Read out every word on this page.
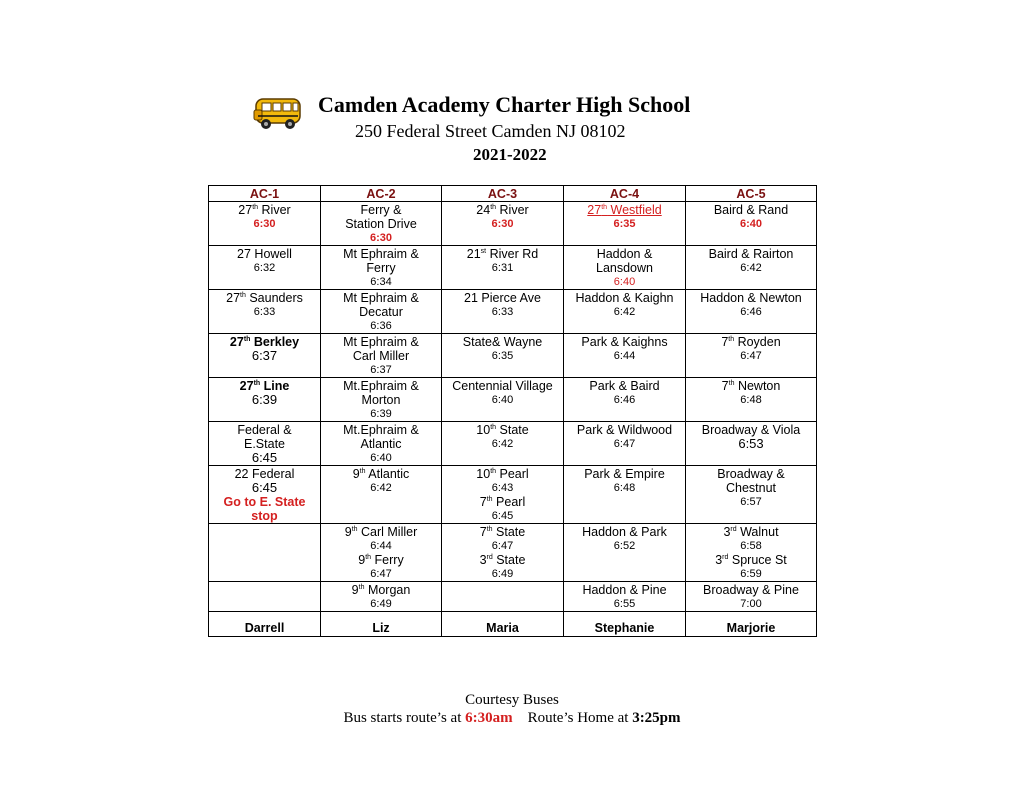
Camden Academy Charter High School
250 Federal Street Camden NJ 08102
2021-2022
AC-1	AC-2	AC-3	AC-4	AC-5

27th River
6:30	Ferry &
Station Drive
6:30	24th River
6:30	27th Westfield
6:35	Baird & Rand
6:40

27 Howell
6:32	Mt Ephraim &
Ferry
6:34	21st River Rd
6:31	Haddon &
Lansdown
6:40	Baird & Rairton
6:42

27th Saunders
6:33	Mt Ephraim &
Decatur
6:36	21 Pierce Ave
6:33	Haddon & Kaighn
6:42	Haddon & Newton
6:46

27th Berkley
6:37	Mt Ephraim &
Carl Miller
6:37	State& Wayne
6:35	Park & Kaighns
6:44	7th Royden
6:47

27th Line
6:39	Mt.Ephraim &
Morton
6:39	Centennial Village
6:40	Park & Baird
6:46	7th Newton
6:48

Federal &
E.State
6:45	Mt.Ephraim &
Atlantic
6:40	10th State
6:42	Park & Wildwood
6:47	Broadway & Viola
6:53

22 Federal
6:45
Go to E. State
stop	9th Atlantic
6:42	10th Pearl
6:43
7th Pearl
6:45	Park & Empire
6:48	Broadway &
Chestnut
6:57

	9th Carl Miller
6:44
9th Ferry
6:47	7th State
6:47
3rd State
6:49	Haddon & Park
6:52	3rd Walnut
6:58
3rd Spruce St
6:59

	9th Morgan
6:49		Haddon & Pine
6:55	Broadway & Pine
7:00

Darrell	Liz	Maria	Stephanie	Marjorie
Courtesy Buses
Bus starts route’s at 6:30am Route’s Home at 3:25pm
